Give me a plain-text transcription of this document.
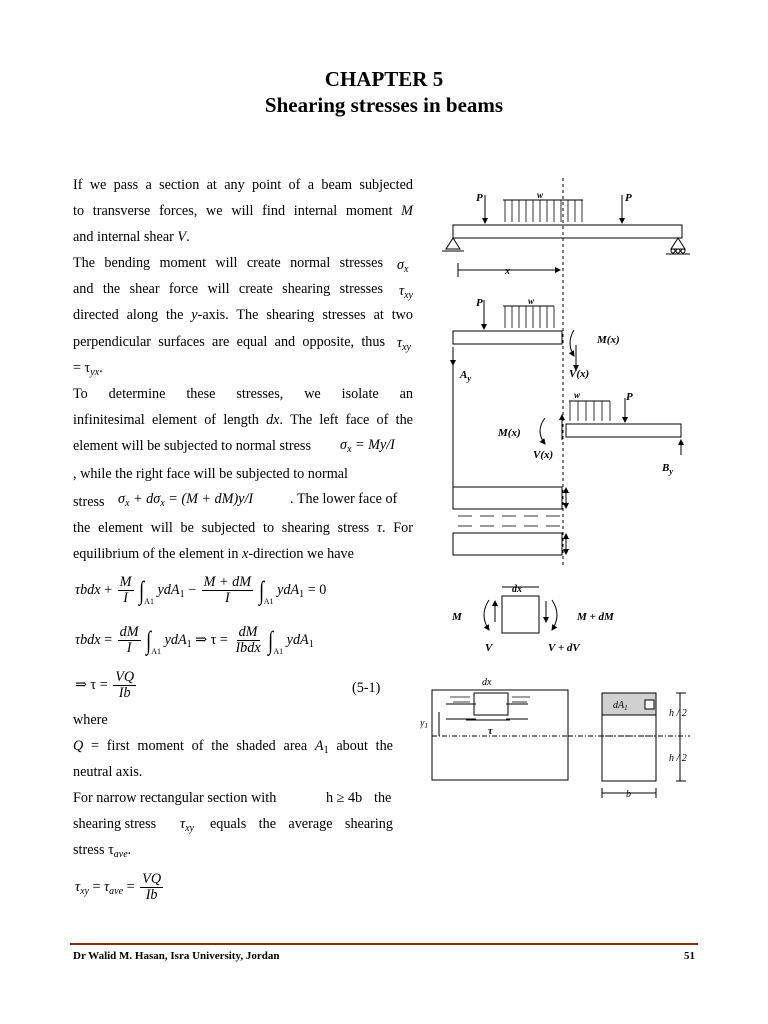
CHAPTER 5
Shearing stresses in beams

If we pass a section at any point of a beam subjected

to transverse forces, we will find internal moment M

and internal shear V.

The bending moment will create normal stresses

and the shear force will create shearing stresses

directed along the y-axis. The shearing stresses at two

perpendicular surfaces are equal and opposite, thus

= $\tau_{yx}$.

To determine these stresses, we isolate an

infinitesimal element of length dx. The left face of the

element will be subjected to normal stress

, while the right face will be subjected to normal

stress

the element will be subjected to shearing stress τ. For

equilibrium of the element in x-direction we have

$\sigma_x$
$\tau_{xy}$
$\tau_{xy}$
$\sigma_x = My/I$
$\sigma_x + d\sigma_x = (M + dM)y/I$	. The lower face of
$\tau bdx + \frac{M}{I} \int_{A1}$ $ydA_1 - \frac{M + dM}{I} \int_{A1}$ ydA$_1$ = 0
$\tau bdx = \frac{dM}{I} \int_{A1}$ ydA$_1$ ⇒ $\tau = \frac{dM}{\text{Ibdx}} \int_{A1}$ ydA$_1$
⇒ $\tau = \frac{VQ}{Ib}$	(5-1)
where
Q = first moment of the shaded area $A_1$ about the
neutral axis.
For narrow rectangular section with	h ≥ 4b the
shearing stress $\tau_{xy}$ equals the average shearing
stress $\tau_{ave}$.
$\tau_{xy} = \tau_{ave} = \frac{VQ}{Ib}$
P	w	P
x
P	w
M(x)
$A_y$	V(x)
w	P
M(x)
V(x)
$B_y$
dx
M	M + dM
V	V + dV
dx
$y_1$	τ
$dA_1$	h / 2
h / 2
b
Dr Walid M. Hasan, Isra University, Jordan	51
